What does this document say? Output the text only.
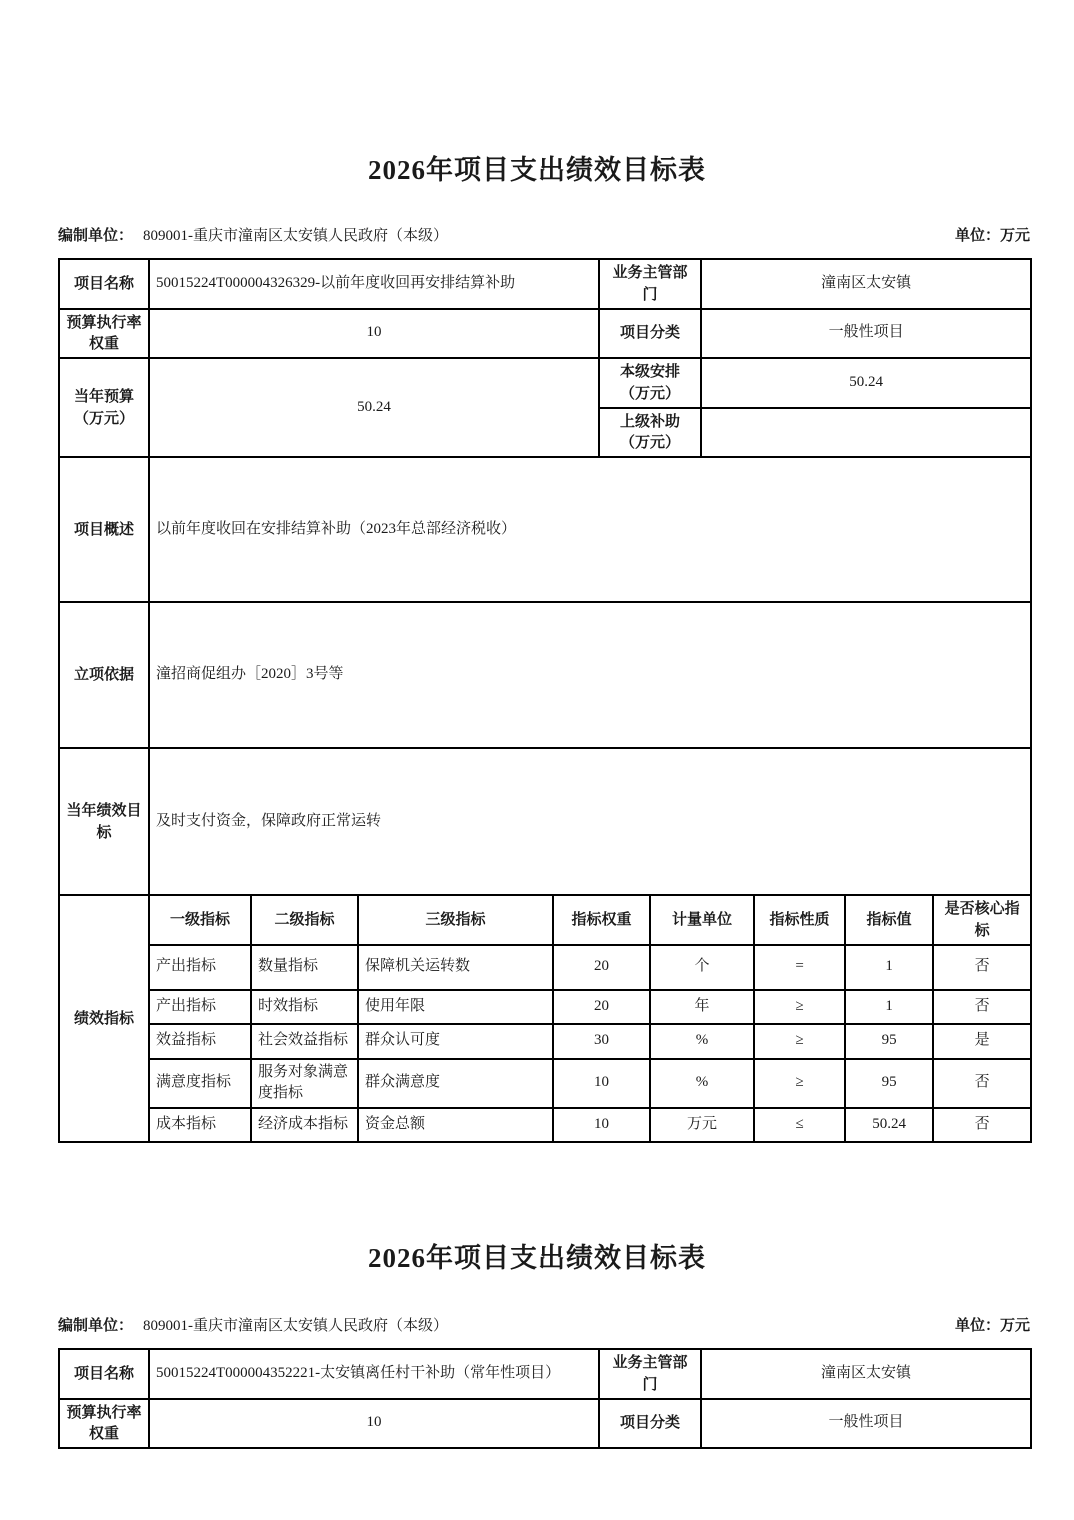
2026年项目支出绩效目标表
编制单位： 809001-重庆市潼南区太安镇人民政府（本级）	单位：万元
项目名称	50015224T000004326329-以前年度收回再安排结算补助				业务主管部门		潼南区太安镇			
预算执行率权重	10				项目分类		一般性项目			
当年预算（万元）	50.24				本级安排（万元）		50.24			
					上级补助（万元）					
项目概述	以前年度收回在安排结算补助（2023年总部经济税收）									
立项依据	潼招商促组办［2020］3号等									
当年绩效目标	及时支付资金，保障政府正常运转									
绩效指标	一级指标	二级指标	三级指标	指标权重		计量单位		指标性质	指标值	是否核心指标
	产出指标	数量指标	保障机关运转数	20		个		=	1	否
	产出指标	时效指标	使用年限	20		年		≥	1	否
	效益指标	社会效益指标	群众认可度	30		%		≥	95	是
	满意度指标	服务对象满意度指标	群众满意度	10		%		≥	95	否
	成本指标	经济成本指标	资金总额	10		万元		≤	50.24	否
2026年项目支出绩效目标表
编制单位： 809001-重庆市潼南区太安镇人民政府（本级）	单位：万元
项目名称	50015224T000004352221-太安镇离任村干补助（常年性项目）	业务主管部门	潼南区太安镇
预算执行率权重	10	项目分类	一般性项目
